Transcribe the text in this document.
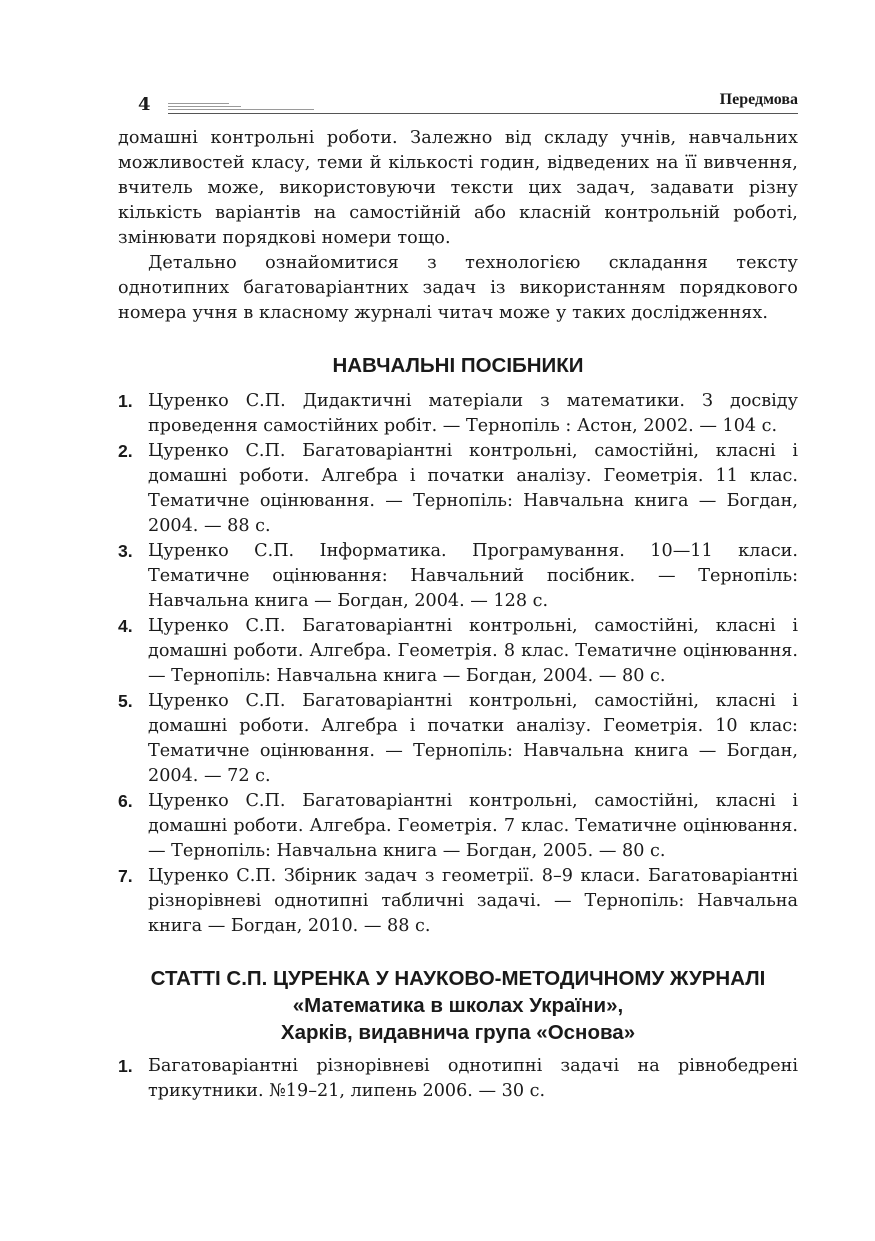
4	Передмова

домашні контрольні роботи. Залежно від складу учнів, навчальних можливостей класу, теми й кількості годин, відведених на її вивчення, вчитель може, використовуючи тексти цих задач, задавати різну кількість варіантів на самостійній або класній контрольній роботі, змінювати порядкові номери тощо.

Детально ознайомитися з технологією складання тексту однотипних багатоваріантних задач із використанням порядкового номера учня в класному журналі читач може у таких дослідженнях.

НАВЧАЛЬНІ ПОСІБНИКИ
1. Цуренко С.П. Дидактичні матеріали з математики. З досвіду проведення самостійних робіт. — Тернопіль : Астон, 2002. — 104 с.
2. Цуренко С.П. Багатоваріантні контрольні, самостійні, класні і домашні роботи. Алгебра і початки аналізу. Геометрія. 11 клас. Тематичне оцінювання. — Тернопіль: Навчальна книга — Богдан, 2004. — 88 с.
3. Цуренко С.П. Інформатика. Програмування. 10—11 класи. Тематичне оцінювання: Навчальний посібник. — Тернопіль: Навчальна книга — Богдан, 2004. — 128 с.
4. Цуренко С.П. Багатоваріантні контрольні, самостійні, класні і домашні роботи. Алгебра. Геометрія. 8 клас. Тематичне оцінювання. — Тернопіль: Навчальна книга — Богдан, 2004. — 80 с.
5. Цуренко С.П. Багатоваріантні контрольні, самостійні, класні і домашні роботи. Алгебра і початки аналізу. Геометрія. 10 клас: Тематичне оцінювання. — Тернопіль: Навчальна книга — Богдан, 2004. — 72 с.
6. Цуренко С.П. Багатоваріантні контрольні, самостійні, класні і домашні роботи. Алгебра. Геометрія. 7 клас. Тематичне оцінювання. — Тернопіль: Навчальна книга — Богдан, 2005. — 80 с.
7. Цуренко С.П. Збірник задач з геометрії. 8–9 класи. Багатоваріантні різнорівневі однотипні табличні задачі. — Тернопіль: Навчальна книга — Богдан, 2010. — 88 с.
СТАТТІ С.П. ЦУРЕНКА У НАУКОВО-МЕТОДИЧНОМУ ЖУРНАЛІ
«Математика в школах України»,
Харків, видавнича група «Основа»
1. Багатоваріантні різнорівневі однотипні задачі на рівнобедрені трикутники. №19–21, липень 2006. — 30 с.
